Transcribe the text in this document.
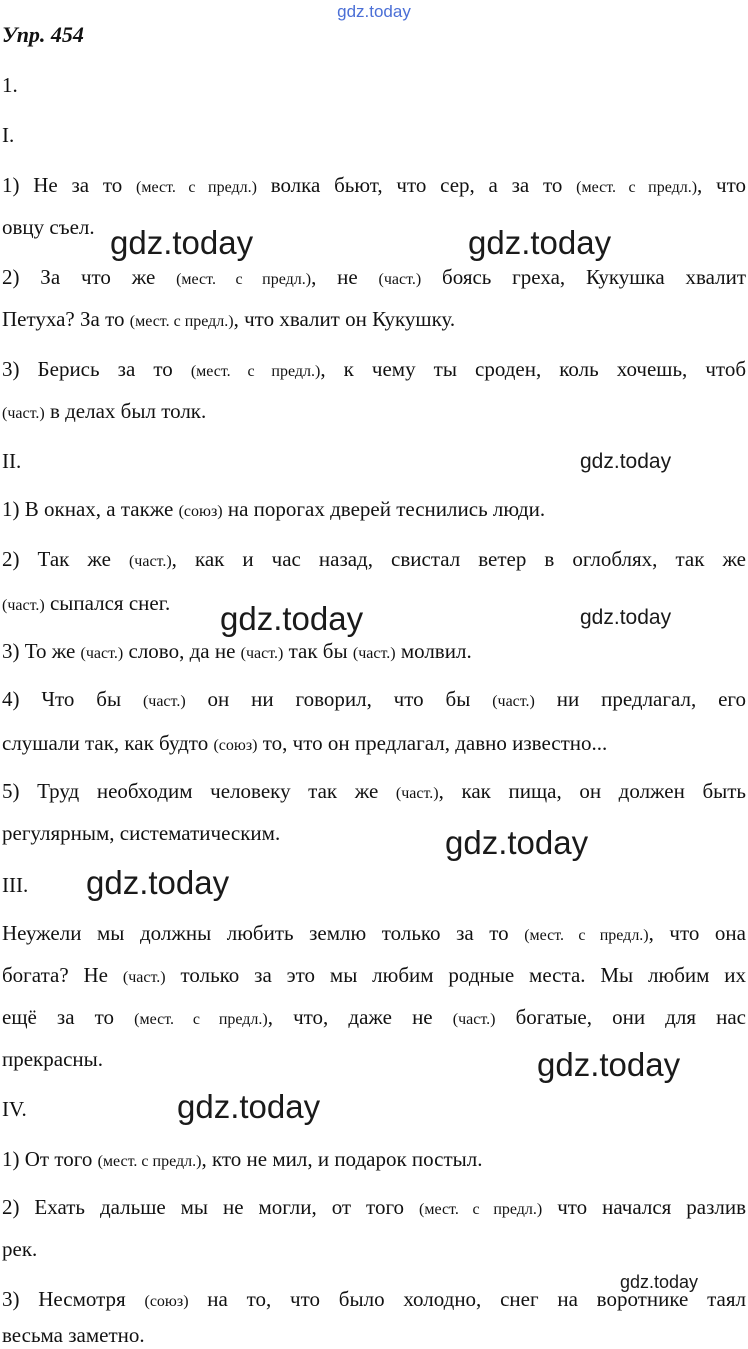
gdz.today
Упр. 454
1.
I.
1) Не за то (мест. с предл.) волка бьют, что сер, а за то (мест. с предл.), что
овцу съел.
2) За что же (мест. с предл.), не (част.) боясь греха, Кукушка хвалит
Петуха? За то (мест. с предл.), что хвалит он Кукушку.
3) Берись за то (мест. с предл.), к чему ты сроден, коль хочешь, чтоб
(част.) в делах был толк.
II.
1) В окнах, а также (союз) на порогах дверей теснились люди.
2) Так же (част.), как и час назад, свистал ветер в оглоблях, так же
(част.) сыпался снег.
3) То же (част.) слово, да не (част.) так бы (част.) молвил.
4) Что бы (част.) он ни говорил, что бы (част.) ни предлагал, его
слушали так, как будто (союз) то, что он предлагал, давно известно...
5) Труд необходим человеку так же (част.), как пища, он должен быть
регулярным, систематическим.
III.
Неужели мы должны любить землю только за то (мест. с предл.), что она
богата? Не (част.) только за это мы любим родные места. Мы любим их
ещё за то (мест. с предл.), что, даже не (част.) богатые, они для нас
прекрасны.
IV.
1) От того (мест. с предл.), кто не мил, и подарок постыл.
2) Ехать дальше мы не могли, от того (мест. с предл.) что начался разлив
рек.
3) Несмотря (союз) на то, что было холодно, снег на воротнике таял
весьма заметно.
gdz.today	gdz.today
gdz.today
gdz.today	gdz.today
gdz.today
gdz.today
gdz.today
gdz.today
gdz.today
